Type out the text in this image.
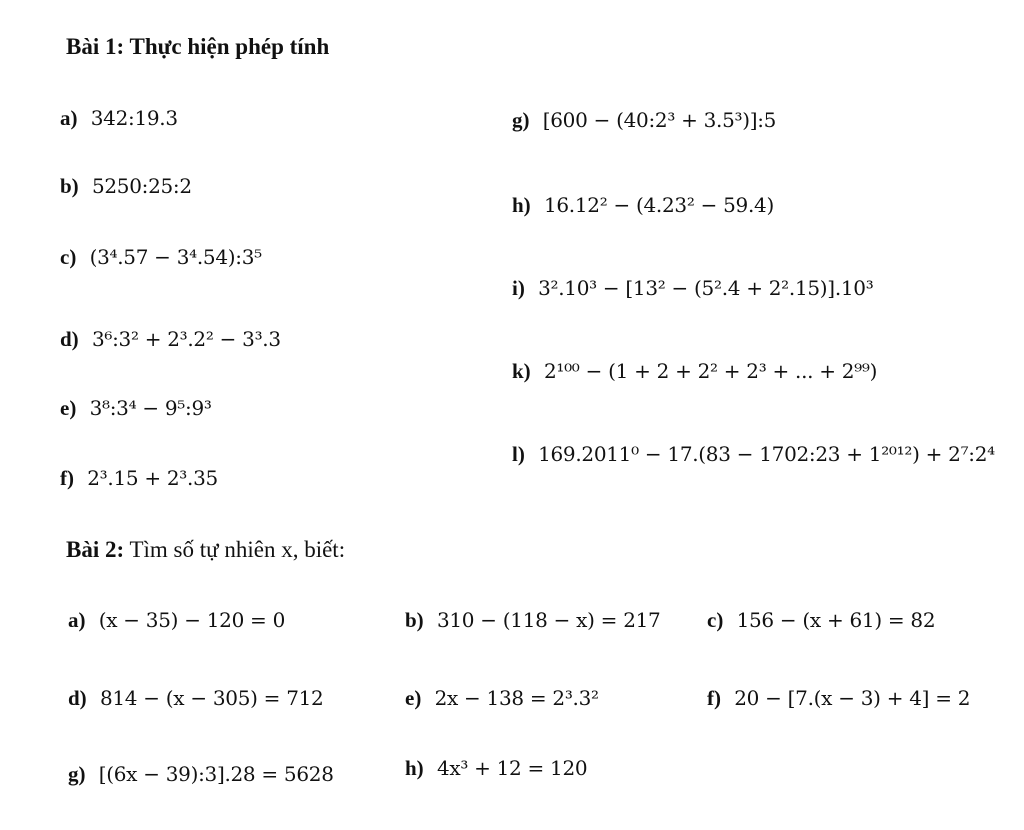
Bài 1: Thực hiện phép tính
a) 342:19.3
b) 5250:25:2
c) (3⁴.57 − 3⁴.54):3⁵
d) 3⁶:3² + 2³.2² − 3³.3
e) 3⁸:3⁴ − 9⁵:9³
f) 2³.15 + 2³.35
g) [600 − (40:2³ + 3.5³)]:5
h) 16.12² − (4.23² − 59.4)
i) 3².10³ − [13² − (5².4 + 2².15)].10³
k) 2¹⁰⁰ − (1 + 2 + 2² + 2³ + ... + 2⁹⁹)
l) 169.2011⁰ − 17.(83 − 1702:23 + 1²⁰¹²) + 2⁷:2⁴
Bài 2: Tìm số tự nhiên x, biết:
a) (x − 35) − 120 = 0	b) 310 − (118 − x) = 217 c) 156 − (x + 61) = 82
d) 814 − (x − 305) = 712	e) 2x − 138 = 2³.3²	f) 20 − [7.(x − 3) + 4] = 2
g) [(6x − 39):3].28 = 5628	h) 4x³ + 12 = 120
